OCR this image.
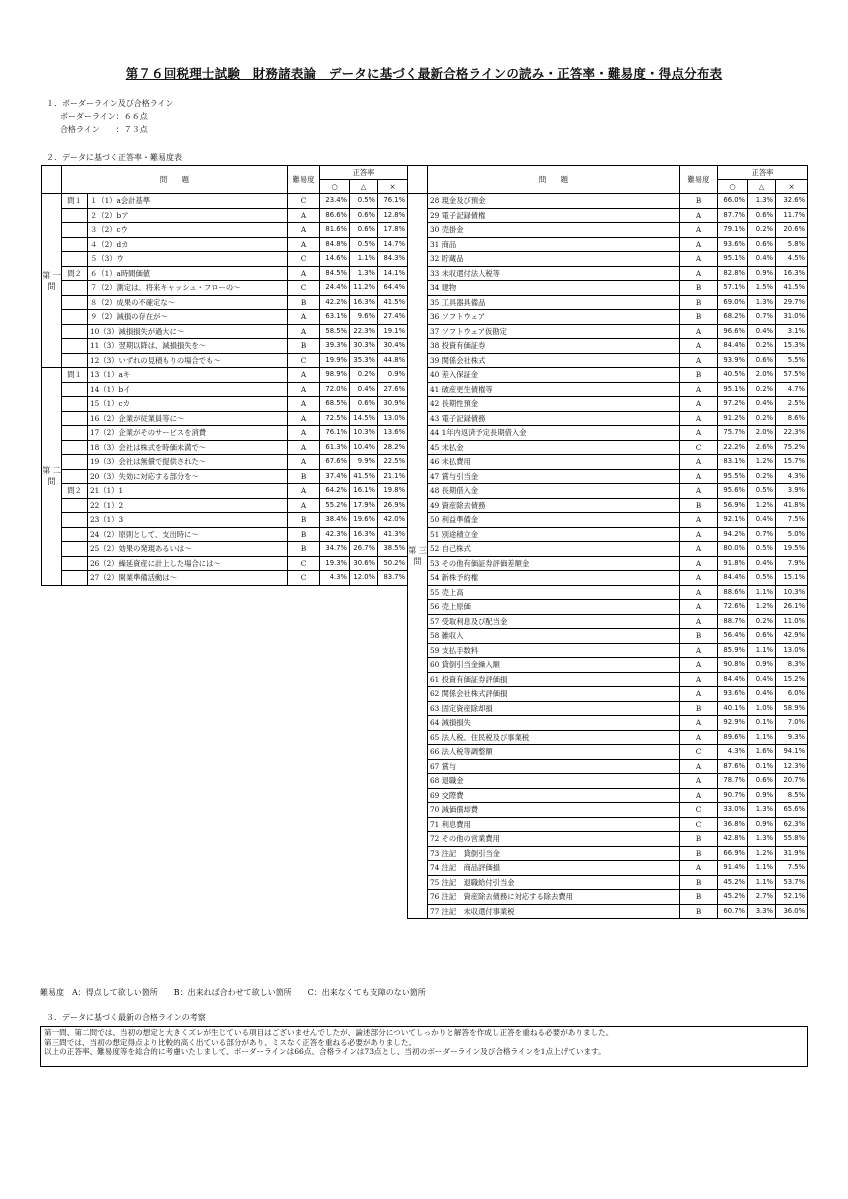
第７６回税理士試験　財務諸表論　データに基づく最新合格ラインの読み・正答率・難易度・得点分布表
１．ボーダーライン及び合格ライン
ボーダーライン：６６点
合格ライン　　：７３点
２．データに基づく正答率・難易度表
	問　　題		難易度	正答率		
				○	△	×
第 一 問	問１	１（1）a会計基準	C	23.4%	0.5%	76.1%
		２（2）bア	A	86.6%	0.6%	12.8%
		３（2）cウ	A	81.6%	0.6%	17.8%
		４（2）dカ	A	84.8%	0.5%	14.7%
		５（3）ウ	C	14.6%	1.1%	84.3%
	問２	６（1）a時間価値	A	84.5%	1.3%	14.1%
		７（2）測定は、将来キャッシュ・フローの〜	C	24.4%	11.2%	64.4%
		８（2）成果の不確定な〜	B	42.2%	16.3%	41.5%
		９（2）減損の存在が〜	A	63.1%	9.6%	27.4%
		10（3）減損損失が過大に〜	A	58.5%	22.3%	19.1%
		11（3）翌期以降は、減損損失を〜	B	39.3%	30.3%	30.4%
		12（3）いずれの見積もりの場合でも〜	C	19.9%	35.3%	44.8%
第 二 問	問１	13（1）aキ	A	98.9%	0.2%	0.9%
		14（1）bイ	A	72.0%	0.4%	27.6%
		15（1）cカ	A	68.5%	0.6%	30.9%
		16（2）企業が従業員等に〜	A	72.5%	14.5%	13.0%
		17（2）企業がそのサービスを消費	A	76.1%	10.3%	13.6%
		18（3）会社は株式を時価未満で〜	A	61.3%	10.4%	28.2%
		19（3）会社は無償で提供された〜	A	67.6%	9.9%	22.5%
		20（3）失効に対応する部分を〜	B	37.4%	41.5%	21.1%
	問２	21（1）1	A	64.2%	16.1%	19.8%
		22（1）2	A	55.2%	17.9%	26.9%
		23（1）3	B	38.4%	19.6%	42.0%
		24（2）原則として、支出時に〜	B	42.3%	16.3%	41.3%
		25（2）効果の発現あるいは〜	B	34.7%	26.7%	38.5%
		26（2）繰延資産に計上した場合には〜	C	19.3%	30.6%	50.2%
		27（2）開業準備活動は〜	C	4.3%	12.0%	83.7%
	問　　題	難易度	正答率		
			○	△	×
第 三 問	28 現金及び預金	B	66.0%	1.3%	32.6%
	29 電子記録債権	A	87.7%	0.6%	11.7%
	30 売掛金	A	79.1%	0.2%	20.6%
	31 商品	A	93.6%	0.6%	5.8%
	32 貯蔵品	A	95.1%	0.4%	4.5%
	33 未収還付法人税等	A	82.8%	0.9%	16.3%
	34 建物	B	57.1%	1.5%	41.5%
	35 工具器具備品	B	69.0%	1.3%	29.7%
	36 ソフトウェア	B	68.2%	0.7%	31.0%
	37 ソフトウェア仮勘定	A	96.6%	0.4%	3.1%
	38 投資有価証券	A	84.4%	0.2%	15.3%
	39 関係会社株式	A	93.9%	0.6%	5.5%
	40 差入保証金	B	40.5%	2.0%	57.5%
	41 破産更生債権等	A	95.1%	0.2%	4.7%
	42 長期性預金	A	97.2%	0.4%	2.5%
	43 電子記録債務	A	91.2%	0.2%	8.6%
	44 1年内返済予定長期借入金	A	75.7%	2.0%	22.3%
	45 未払金	C	22.2%	2.6%	75.2%
	46 未払費用	A	83.1%	1.2%	15.7%
	47 賞与引当金	A	95.5%	0.2%	4.3%
	48 長期借入金	A	95.6%	0.5%	3.9%
	49 資産除去債務	B	56.9%	1.2%	41.8%
	50 利益準備金	A	92.1%	0.4%	7.5%
	51 別途積立金	A	94.2%	0.7%	5.0%
	52 自己株式	A	80.0%	0.5%	19.5%
	53 その他有価証券評価差額金	A	91.8%	0.4%	7.9%
	54 新株予約権	A	84.4%	0.5%	15.1%
	55 売上高	A	88.6%	1.1%	10.3%
	56 売上原価	A	72.6%	1.2%	26.1%
	57 受取利息及び配当金	A	88.7%	0.2%	11.0%
	58 雑収入	B	56.4%	0.6%	42.9%
	59 支払手数料	A	85.9%	1.1%	13.0%
	60 貸倒引当金繰入額	A	90.8%	0.9%	8.3%
	61 投資有価証券評価損	A	84.4%	0.4%	15.2%
	62 関係会社株式評価損	A	93.6%	0.4%	6.0%
	63 固定資産除却損	B	40.1%	1.0%	58.9%
	64 減損損失	A	92.9%	0.1%	7.0%
	65 法人税、住民税及び事業税	A	89.6%	1.1%	9.3%
	66 法人税等調整額	C	4.3%	1.6%	94.1%
	67 賞与	A	87.6%	0.1%	12.3%
	68 退職金	A	78.7%	0.6%	20.7%
	69 交際費	A	90.7%	0.9%	8.5%
	70 減価償却費	C	33.0%	1.3%	65.6%
	71 利息費用	C	36.8%	0.9%	62.3%
	72 その他の営業費用	B	42.8%	1.3%	55.8%
	73 注記　貸倒引当金	B	66.9%	1.2%	31.9%
	74 注記　商品評価損	A	91.4%	1.1%	7.5%
	75 注記　退職給付引当金	B	45.2%	1.1%	53.7%
	76 注記　資産除去債務に対応する除去費用	B	45.2%	2.7%	52.1%
	77 注記　未収還付事業税	B	60.7%	3.3%	36.0%
難易度　A：得点して欲しい箇所　　B：出来れば合わせて欲しい箇所　　C：出来なくても支障のない箇所
３．データに基づく最新の合格ラインの考察
第一問、第二問では、当初の想定と大きくズレが生じている項目はございませんでしたが、論述部分についてしっかりと解答を作成し正答を重ねる必要がありました。
第三問では、当初の想定得点より比較的高く出ている部分があり、ミスなく正答を重ねる必要がありました。
以上の正答率、難易度等を総合的に考慮いたしまして、ボーダーラインは66点、合格ラインは73点とし、当初のボーダーライン及び合格ラインを1点上げています。
